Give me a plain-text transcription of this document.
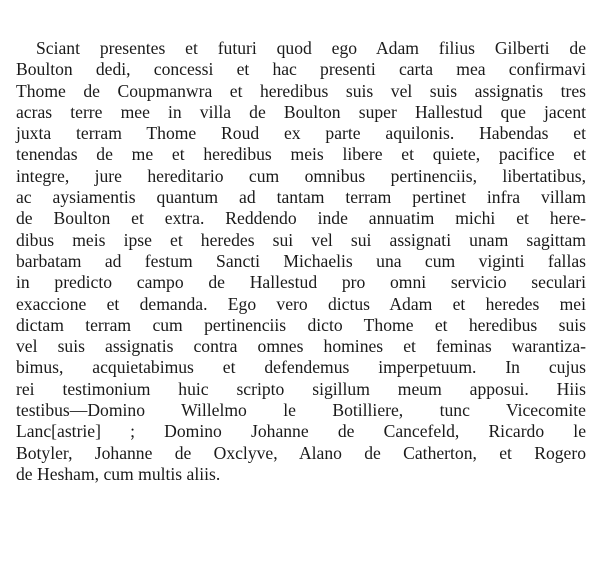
Sciant presentes et futuri quod ego Adam filius Gilberti de
Boulton dedi, concessi et hac presenti carta mea confirmavi
Thome de Coupmanwra et heredibus suis vel suis assignatis tres
acras terre mee in villa de Boulton super Hallestud que jacent
juxta terram Thome Roud ex parte aquilonis. Habendas et
tenendas de me et heredibus meis libere et quiete, pacifice et
integre, jure hereditario cum omnibus pertinenciis, libertatibus,
ac aysiamentis quantum ad tantam terram pertinet infra villam
de Boulton et extra. Reddendo inde annuatim michi et here-
dibus meis ipse et heredes sui vel sui assignati unam sagittam
barbatam ad festum Sancti Michaelis una cum viginti fallas
in predicto campo de Hallestud pro omni servicio seculari
exaccione et demanda. Ego vero dictus Adam et heredes mei
dictam terram cum pertinenciis dicto Thome et heredibus suis
vel suis assignatis contra omnes homines et feminas warantiza-
bimus, acquietabimus et defendemus imperpetuum. In cujus
rei testimonium huic scripto sigillum meum apposui. Hiis
testibus—Domino Willelmo le Botilliere, tunc Vicecomite
Lanc[astrie] ; Domino Johanne de Cancefeld, Ricardo le
Botyler, Johanne de Oxclyve, Alano de Catherton, et Rogero
de Hesham, cum multis aliis.
